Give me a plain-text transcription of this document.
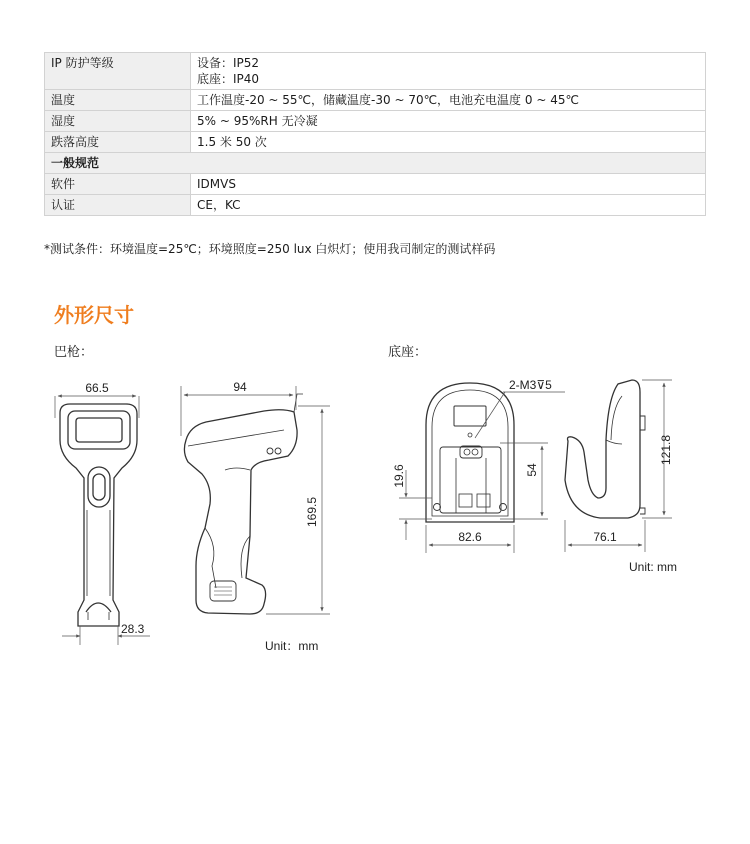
IP 防护等级	设备：IP52
底座：IP40

温度	工作温度-20 ~ 55℃，储藏温度-30 ~ 70℃，电池充电温度 0 ~ 45℃

湿度	5% ~ 95%RH 无冷凝

跌落高度	1.5 米 50 次

一般规范	
软件	IDMVS

认证	CE，KC
*测试条件：环境温度=25℃；环境照度=250 lux 白炽灯；使用我司制定的测试样码
外形尺寸
巴枪：	底座：
66.5
28.3
94
169.5
Unit：mm
2-M3⊽5
19.6	54
82.6
121.8
76.1
Unit: mm
